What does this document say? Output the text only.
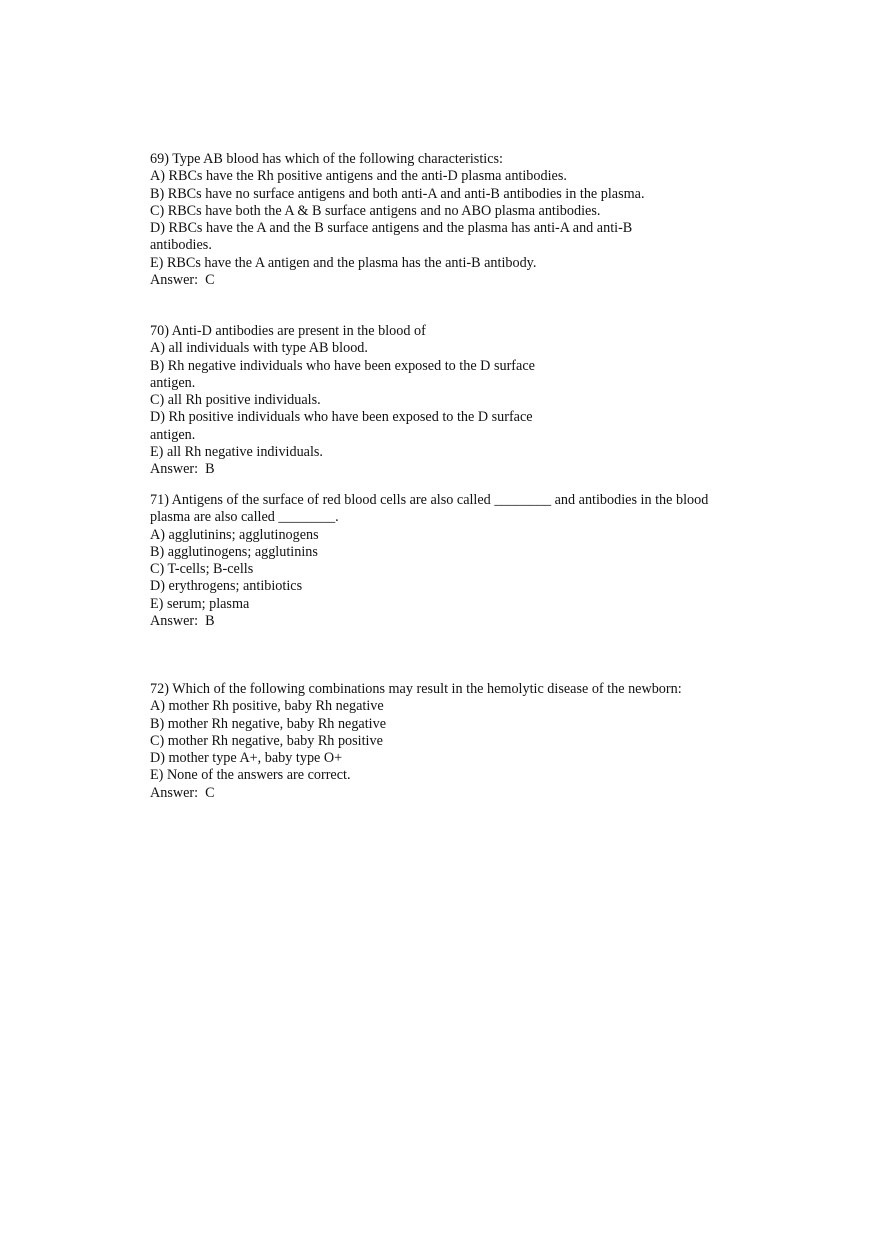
69) Type AB blood has which of the following characteristics:
A) RBCs have the Rh positive antigens and the anti-D plasma antibodies.
B) RBCs have no surface antigens and both anti-A and anti-B antibodies in the plasma.
C) RBCs have both the A & B surface antigens and no ABO plasma antibodies.
D) RBCs have the A and the B surface antigens and the plasma has anti-A and anti-B antibodies.
E) RBCs have the A antigen and the plasma has the anti-B antibody.
Answer:  C
70) Anti-D antibodies are present in the blood of
A) all individuals with type AB blood.
B) Rh negative individuals who have been exposed to the D surface antigen.
C) all Rh positive individuals.
D) Rh positive individuals who have been exposed to the D surface antigen.
E) all Rh negative individuals.
Answer:  B
71) Antigens of the surface of red blood cells are also called ________ and antibodies in the blood plasma are also called ________.
A) agglutinins; agglutinogens
B) agglutinogens; agglutinins
C) T-cells; B-cells
D) erythrogens; antibiotics
E) serum; plasma
Answer:  B
72) Which of the following combinations may result in the hemolytic disease of the newborn:
A) mother Rh positive, baby Rh negative
B) mother Rh negative, baby Rh negative
C) mother Rh negative, baby Rh positive
D) mother type A+, baby type O+
E) None of the answers are correct.
Answer:  C
